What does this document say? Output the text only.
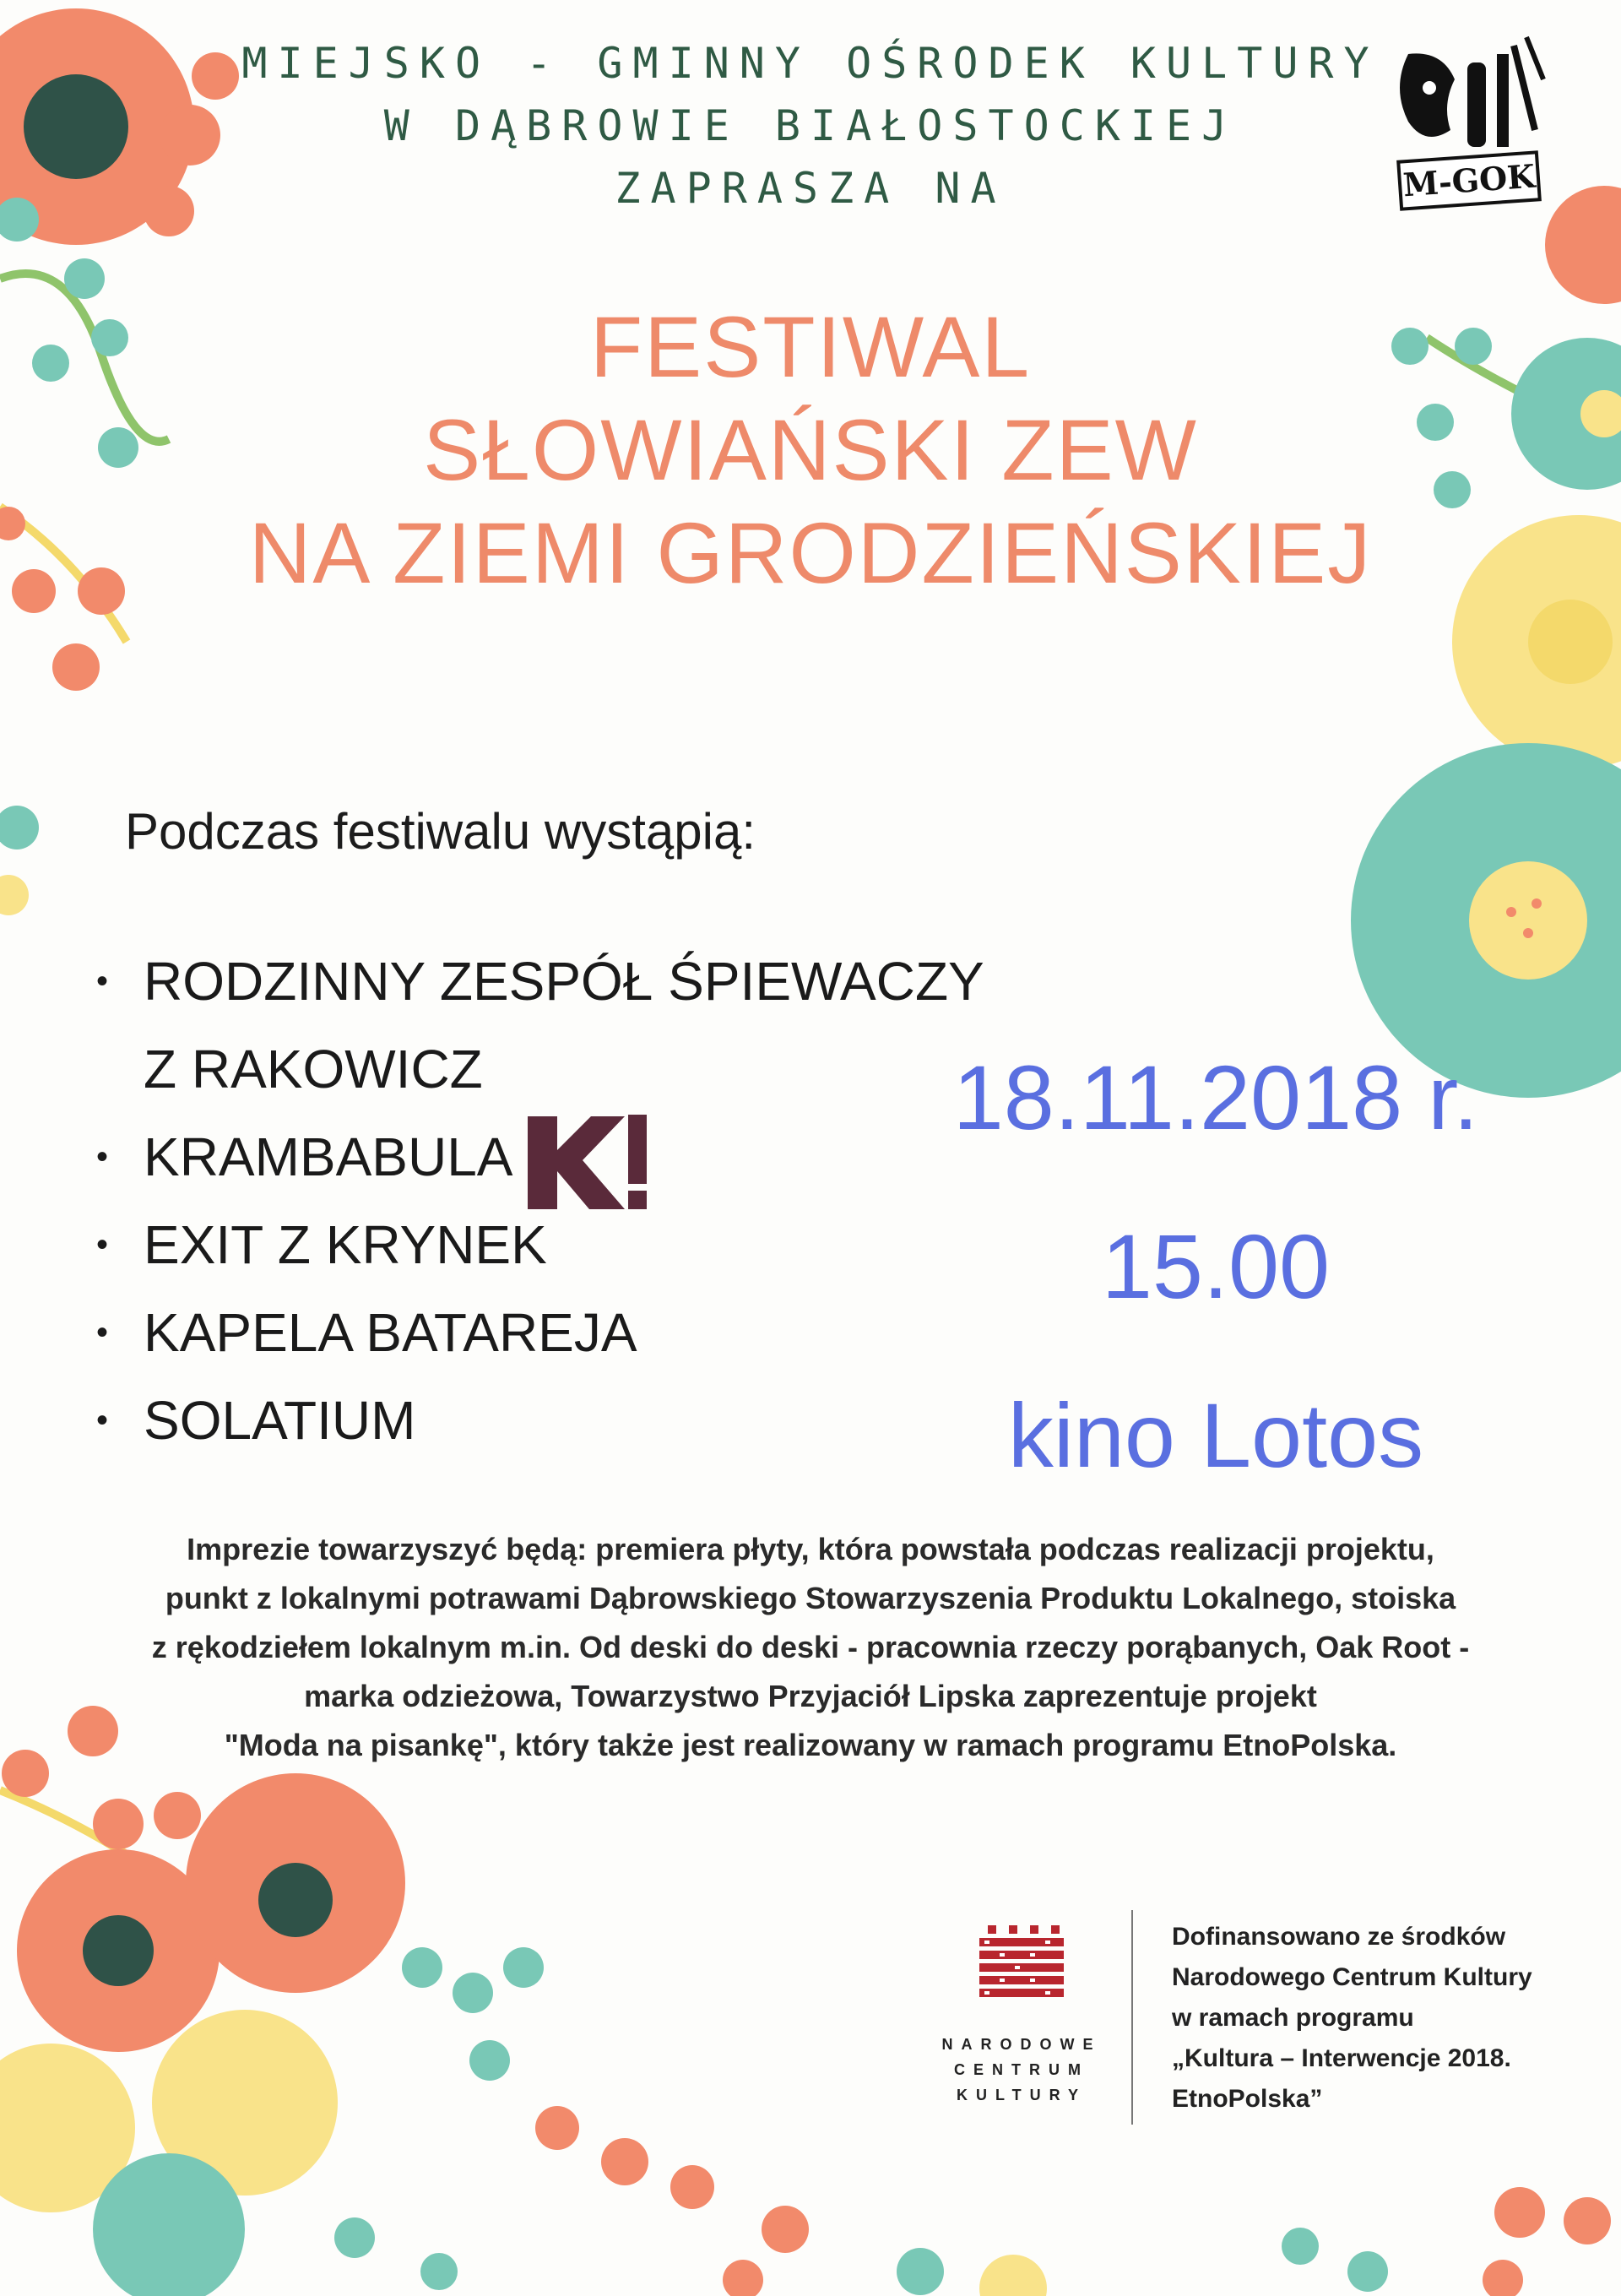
MIEJSKO - GMINNY OŚRODEK KULTURY
W DĄBROWIE BIAŁOSTOCKIEJ
ZAPRASZA NA	M-GOK
FESTIWAL
SŁOWIAŃSKI ZEW
NA ZIEMI GRODZIEŃSKIEJ
Podczas festiwalu wystąpią:
• RODZINNY ZESPÓŁ ŚPIEWACZY
Z RAKOWICZ
• KRAMBABULA
• EXIT Z KRYNEK
• KAPELA BATAREJA
• SOLATIUM
18.11.2018 r.
15.00
kino Lotos
Imprezie towarzyszyć będą: premiera płyty, która powstała podczas realizacji projektu,
punkt z lokalnymi potrawami Dąbrowskiego Stowarzyszenia Produktu Lokalnego, stoiska
z rękodziełem lokalnym m.in. Od deski do deski - pracownia rzeczy porąbanych, Oak Root -
marka odzieżowa, Towarzystwo Przyjaciół Lipska zaprezentuje projekt
"Moda na pisankę", który także jest realizowany w ramach programu EtnoPolska.
NARODOWE
CENTRUM
KULTURY
Dofinansowano ze środków
Narodowego Centrum Kultury
w ramach programu
„Kultura – Interwencje 2018.
EtnoPolska”
